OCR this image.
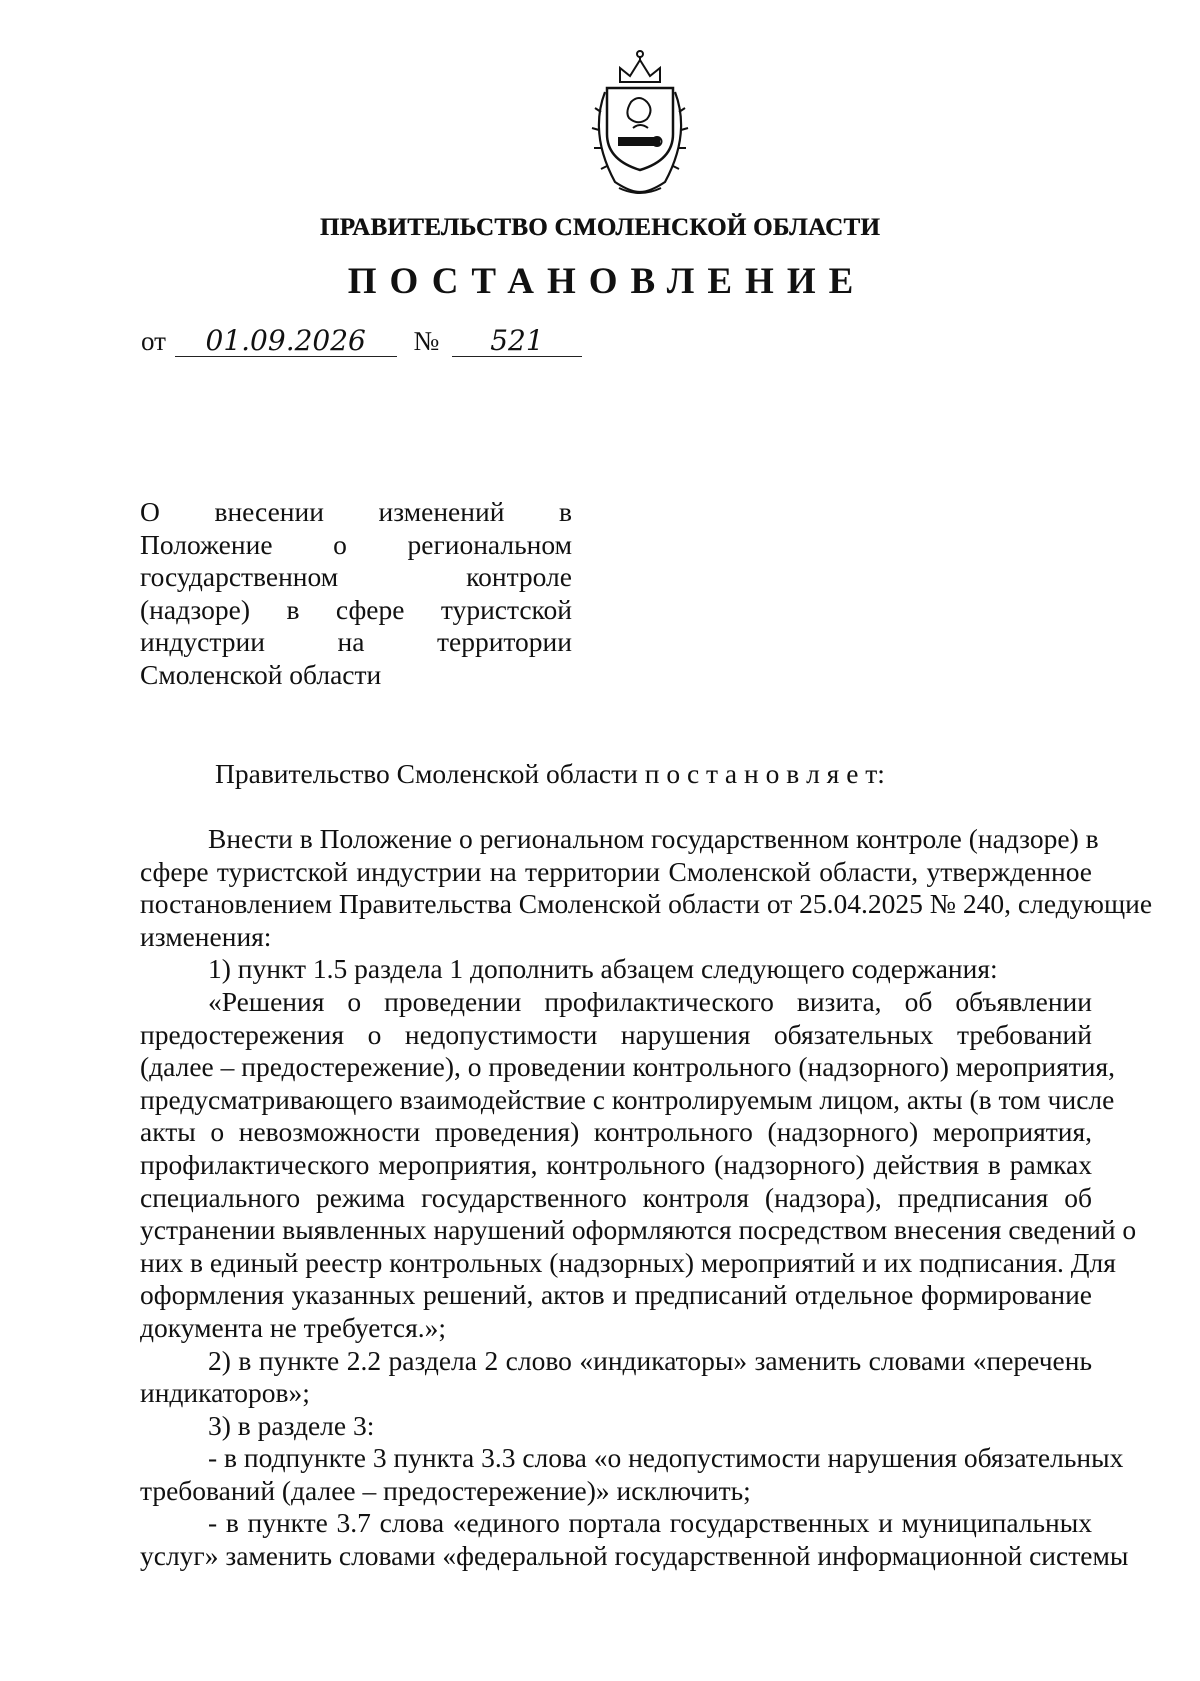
ПРАВИТЕЛЬСТВО СМОЛЕНСКОЙ ОБЛАСТИ
ПОСТАНОВЛЕНИЕ
от 01.09.2026 № 521
О внесении изменений в
Положение о региональном
государственном контроле
(надзоре) в сфере туристской
индустрии на территории
Смоленской области
Правительство Смоленской области п о с т а н о в л я е т:
Внести в Положение о региональном государственном контроле (надзоре) в
сфере туристской индустрии на территории Смоленской области, утвержденное
постановлением Правительства Смоленской области от 25.04.2025 № 240, следующие
изменения:
1) пункт 1.5 раздела 1 дополнить абзацем следующего содержания:
«Решения о проведении профилактического визита, об объявлении
предостережения о недопустимости нарушения обязательных требований
(далее – предостережение), о проведении контрольного (надзорного) мероприятия,
предусматривающего взаимодействие с контролируемым лицом, акты (в том числе
акты о невозможности проведения) контрольного (надзорного) мероприятия,
профилактического мероприятия, контрольного (надзорного) действия в рамках
специального режима государственного контроля (надзора), предписания об
устранении выявленных нарушений оформляются посредством внесения сведений о
них в единый реестр контрольных (надзорных) мероприятий и их подписания. Для
оформления указанных решений, актов и предписаний отдельное формирование
документа не требуется.»;
2) в пункте 2.2 раздела 2 слово «индикаторы» заменить словами «перечень
индикаторов»;
3) в разделе 3:
- в подпункте 3 пункта 3.3 слова «о недопустимости нарушения обязательных
требований (далее – предостережение)» исключить;
- в пункте 3.7 слова «единого портала государственных и муниципальных
услуг» заменить словами «федеральной государственной информационной системы
